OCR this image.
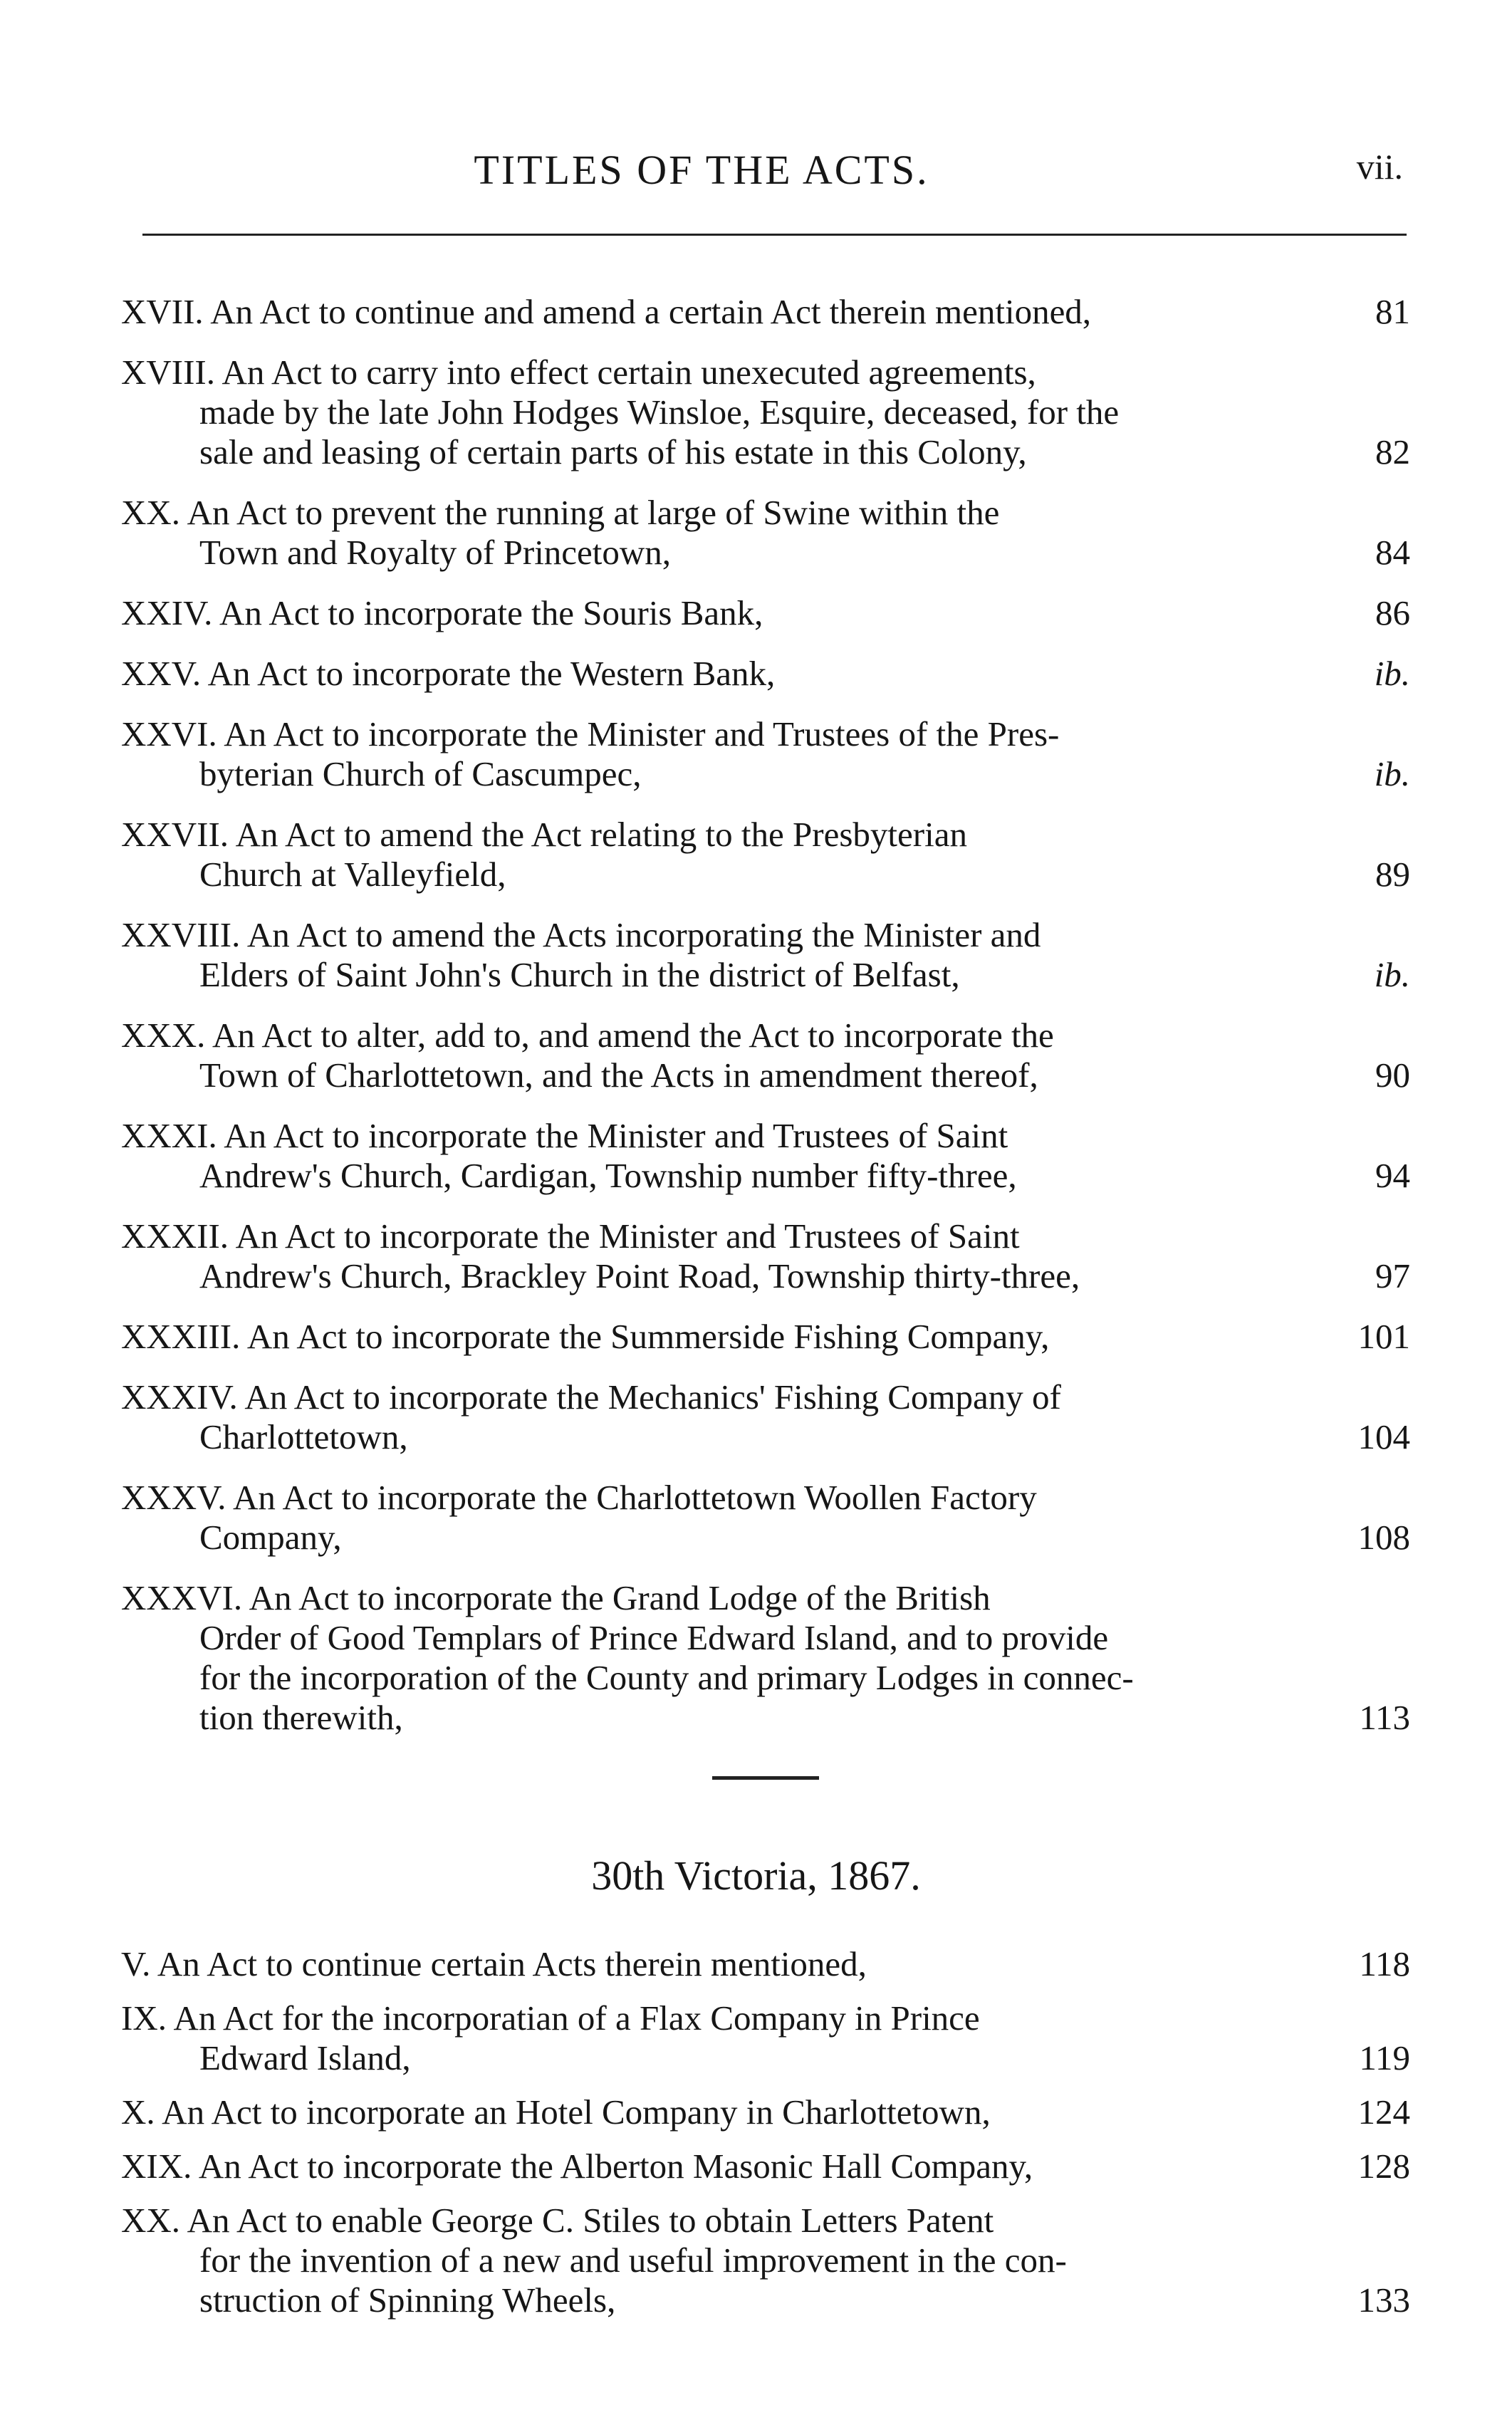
TITLES OF THE ACTS.	vii.
XVII. An Act to continue and amend a certain Act therein mentioned,	81
XVIII. An Act to carry into effect certain unexecuted agreements,
made by the late John Hodges Winsloe, Esquire, deceased, for the
sale and leasing of certain parts of his estate in this Colony,	82
XX. An Act to prevent the running at large of Swine within the
Town and Royalty of Princetown,	84
XXIV. An Act to incorporate the Souris Bank,	86
XXV. An Act to incorporate the Western Bank,	ib.
XXVI. An Act to incorporate the Minister and Trustees of the Pres-
byterian Church of Cascumpec,	ib.
XXVII. An Act to amend the Act relating to the Presbyterian
Church at Valleyfield,	89
XXVIII. An Act to amend the Acts incorporating the Minister and
Elders of Saint John's Church in the district of Belfast,	ib.
XXX. An Act to alter, add to, and amend the Act to incorporate the
Town of Charlottetown, and the Acts in amendment thereof,	90
XXXI. An Act to incorporate the Minister and Trustees of Saint
Andrew's Church, Cardigan, Township number fifty-three,	94
XXXII. An Act to incorporate the Minister and Trustees of Saint
Andrew's Church, Brackley Point Road, Township thirty-three,	97
XXXIII. An Act to incorporate the Summerside Fishing Company,	101
XXXIV. An Act to incorporate the Mechanics' Fishing Company of
Charlottetown,	104
XXXV. An Act to incorporate the Charlottetown Woollen Factory
Company,	108
XXXVI. An Act to incorporate the Grand Lodge of the British
Order of Good Templars of Prince Edward Island, and to provide
for the incorporation of the County and primary Lodges in connec-
tion therewith,	113
30th Victoria, 1867.
V. An Act to continue certain Acts therein mentioned,	118
IX. An Act for the incorporatian of a Flax Company in Prince
Edward Island,	119
X. An Act to incorporate an Hotel Company in Charlottetown,	124
XIX. An Act to incorporate the Alberton Masonic Hall Company,	128
XX. An Act to enable George C. Stiles to obtain Letters Patent
for the invention of a new and useful improvement in the con-
struction of Spinning Wheels,	133
